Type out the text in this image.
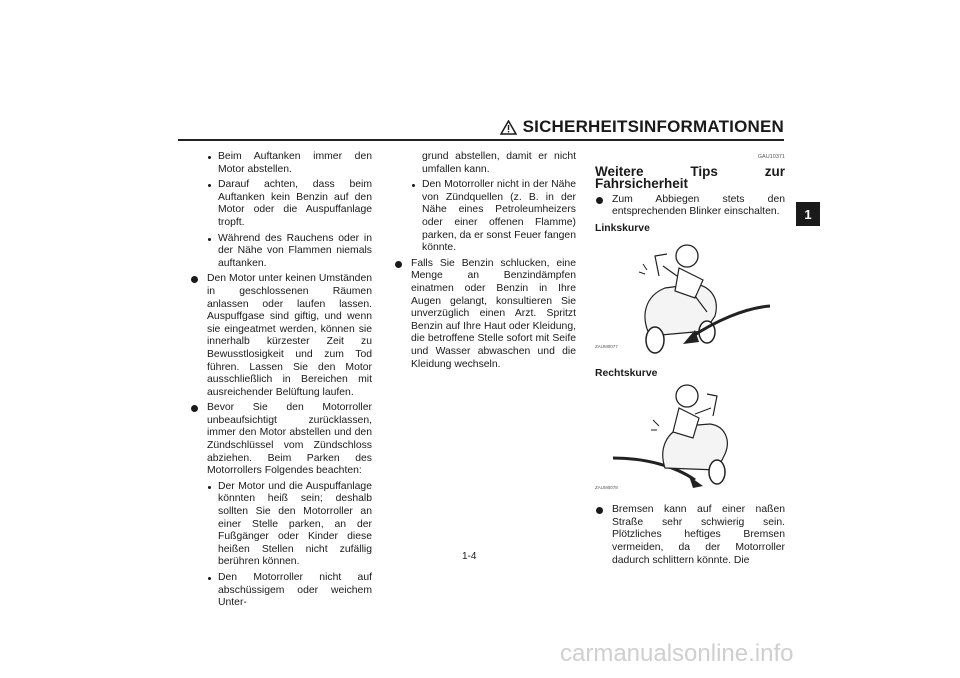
SICHERHEITSINFORMATIONEN
1
Beim Auftanken immer den Motor abstellen.
Darauf achten, dass beim Auftanken kein Benzin auf den Motor oder die Auspuffanlage tropft.
Während des Rauchens oder in der Nähe von Flammen niemals auftanken.
Den Motor unter keinen Umständen in geschlossenen Räumen anlassen oder laufen lassen. Auspuffgase sind giftig, und wenn sie eingeatmet werden, können sie innerhalb kürzester Zeit zu Bewusstlosigkeit und zum Tod führen. Lassen Sie den Motor ausschließlich in Bereichen mit ausreichender Belüftung laufen.
Bevor Sie den Motorroller unbeaufsichtigt zurücklassen, immer den Motor abstellen und den Zündschlüssel vom Zündschloss abziehen. Beim Parken des Motorrollers Folgendes beachten:
Der Motor und die Auspuffanlage könnten heiß sein; deshalb sollten Sie den Motorroller an einer Stelle parken, an der Fußgänger oder Kinder diese heißen Stellen nicht zufällig berühren können.
Den Motorroller nicht auf abschüssigem oder weichem Unter-
grund abstellen, damit er nicht umfallen kann.
Den Motorroller nicht in der Nähe von Zündquellen (z. B. in der Nähe eines Petroleumheizers oder einer offenen Flamme) parken, da er sonst Feuer fangen könnte.
Falls Sie Benzin schlucken, eine Menge an Benzindämpfen einatmen oder Benzin in Ihre Augen gelangt, konsultieren Sie unverzüglich einen Arzt. Spritzt Benzin auf Ihre Haut oder Kleidung, die betroffene Stelle sofort mit Seife und Wasser abwaschen und die Kleidung wechseln.
GAU10371
Weitere Tips zur Fahrsicherheit
Zum Abbiegen stets den entsprechenden Blinker einschalten.
Linkskurve
ZAUM0077
Rechtskurve
ZAUM0078
Bremsen kann auf einer naßen Straße sehr schwierig sein. Plötzliches heftiges Bremsen vermeiden, da der Motorroller dadurch schlittern könnte. Die
1-4
carmanualsonline.info
